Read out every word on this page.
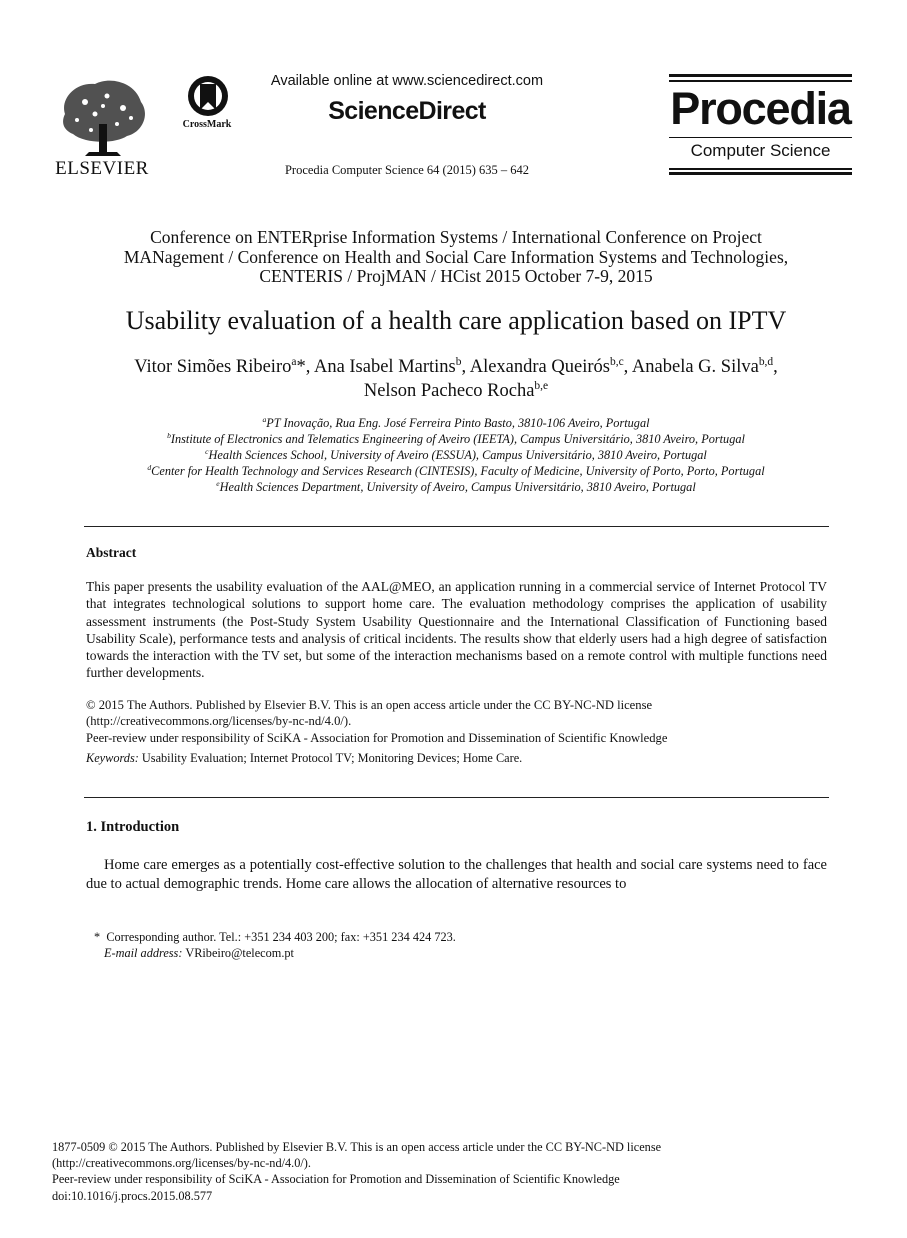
ELSEVIER
CrossMark
Available online at www.sciencedirect.com
ScienceDirect
Procedia Computer Science 64 (2015) 635 – 642
Procedia
Computer Science
Conference on ENTERprise Information Systems / International Conference on Project
MANagement / Conference on Health and Social Care Information Systems and Technologies,
CENTERIS / ProjMAN / HCist 2015 October 7-9, 2015
Usability evaluation of a health care application based on IPTV
Vitor Simões Ribeiro$^a$*, Ana Isabel Martins$^b$, Alexandra Queirós$^{b,c}$, Anabela G. Silva$^{b,d}$,
Nelson Pacheco Rocha$^{b,e}$
$^a$PT Inovação, Rua Eng. José Ferreira Pinto Basto, 3810-106 Aveiro, Portugal
$^b$Institute of Electronics and Telematics Engineering of Aveiro (IEETA), Campus Universitário, 3810 Aveiro, Portugal
$^c$Health Sciences School, University of Aveiro (ESSUA), Campus Universitário, 3810 Aveiro, Portugal
$^d$Center for Health Technology and Services Research (CINTESIS), Faculty of Medicine, University of Porto, Porto, Portugal
$^e$Health Sciences Department, University of Aveiro, Campus Universitário, 3810 Aveiro, Portugal
Abstract
This paper presents the usability evaluation of the AAL@MEO, an application running in a commercial service of Internet Protocol TV that integrates technological solutions to support home care. The evaluation methodology comprises the application of usability assessment instruments (the Post-Study System Usability Questionnaire and the International Classification of Functioning based Usability Scale), performance tests and analysis of critical incidents. The results show that elderly users had a high degree of satisfaction towards the interaction with the TV set, but some of the interaction mechanisms based on a remote control with multiple functions need further developments.
© 2015 The Authors. Published by Elsevier B.V. This is an open access article under the CC BY-NC-ND license
(http://creativecommons.org/licenses/by-nc-nd/4.0/).
Peer-review under responsibility of SciKA - Association for Promotion and Dissemination of Scientific Knowledge
Keywords: Usability Evaluation; Internet Protocol TV; Monitoring Devices; Home Care.
1. Introduction
Home care emerges as a potentially cost-effective solution to the challenges that health and social care systems need to face due to actual demographic trends. Home care allows the allocation of alternative resources to
* Corresponding author. Tel.: +351 234 403 200; fax: +351 234 424 723.
E-mail address: VRibeiro@telecom.pt
1877-0509 © 2015 The Authors. Published by Elsevier B.V. This is an open access article under the CC BY-NC-ND license
(http://creativecommons.org/licenses/by-nc-nd/4.0/).
Peer-review under responsibility of SciKA - Association for Promotion and Dissemination of Scientific Knowledge
doi:10.1016/j.procs.2015.08.577
